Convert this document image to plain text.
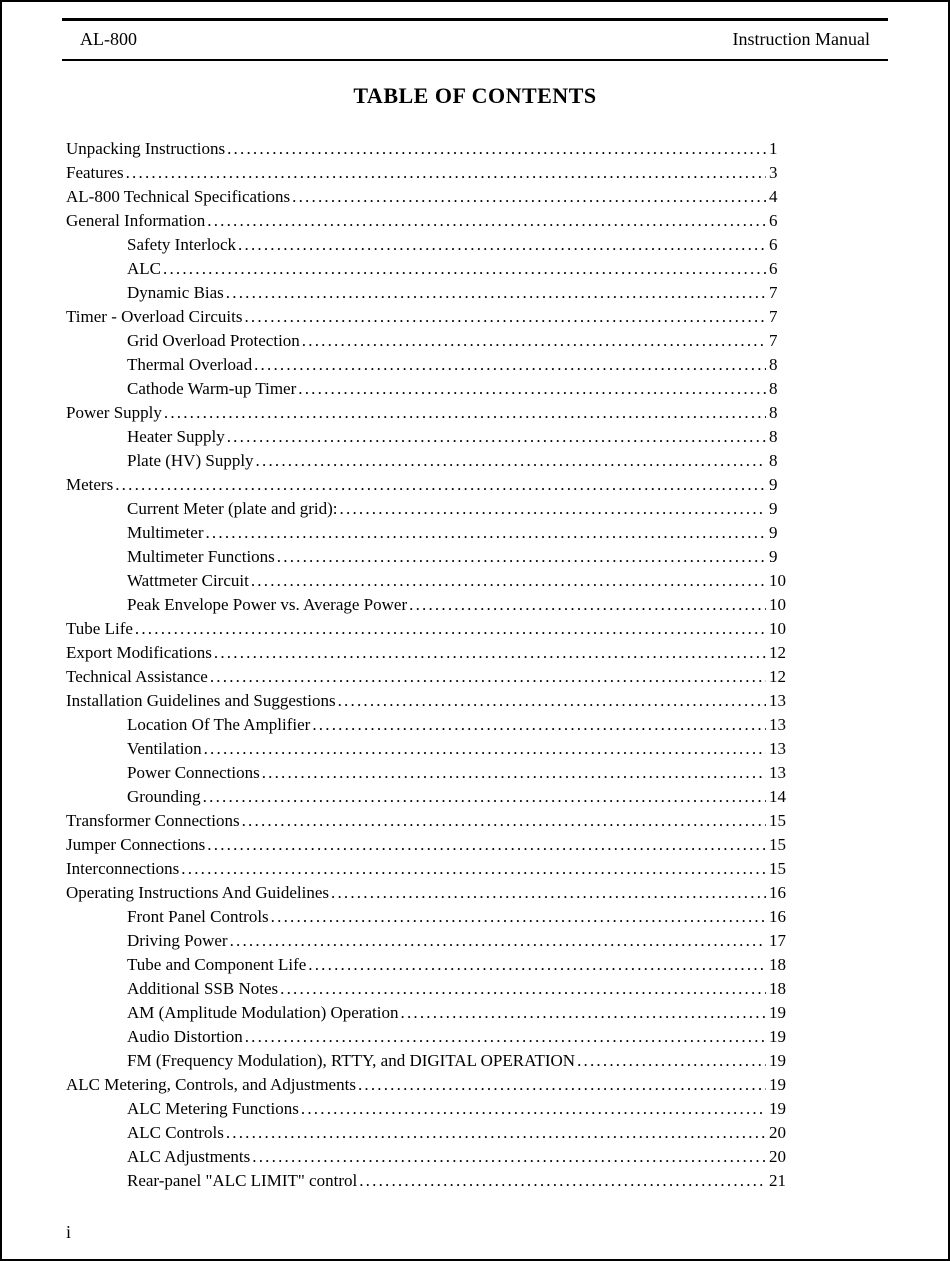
AL-800	Instruction Manual
TABLE OF CONTENTS
Unpacking Instructions .....	1
Features .....	3
AL-800 Technical Specifications .....	4
General Information .....	6
Safety Interlock .....	6
ALC .....	6
Dynamic Bias .....	7
Timer - Overload Circuits .....	7
Grid Overload Protection .....	7
Thermal Overload .....	8
Cathode Warm-up Timer .....	8
Power Supply .....	8
Heater Supply .....	8
Plate (HV) Supply .....	8
Meters .....	9
Current Meter (plate and grid): .....	9
Multimeter .....	9
Multimeter Functions .....	9
Wattmeter Circuit .....	10
Peak Envelope Power vs. Average Power .....	10
Tube Life .....	10
Export Modifications .....	12
Technical Assistance .....	12
Installation Guidelines and Suggestions .....	13
Location Of The Amplifier .....	13
Ventilation .....	13
Power Connections .....	13
Grounding .....	14
Transformer Connections .....	15
Jumper Connections .....	15
Interconnections .....	15
Operating Instructions And Guidelines .....	16
Front Panel Controls .....	16
Driving Power .....	17
Tube and Component Life .....	18
Additional SSB Notes .....	18
AM (Amplitude Modulation) Operation .....	19
Audio Distortion .....	19
FM (Frequency Modulation), RTTY, and DIGITAL OPERATION .....	19
ALC Metering, Controls, and Adjustments .....	19
ALC Metering Functions .....	19
ALC Controls .....	20
ALC Adjustments .....	20
Rear-panel "ALC LIMIT" control .....	21
i
